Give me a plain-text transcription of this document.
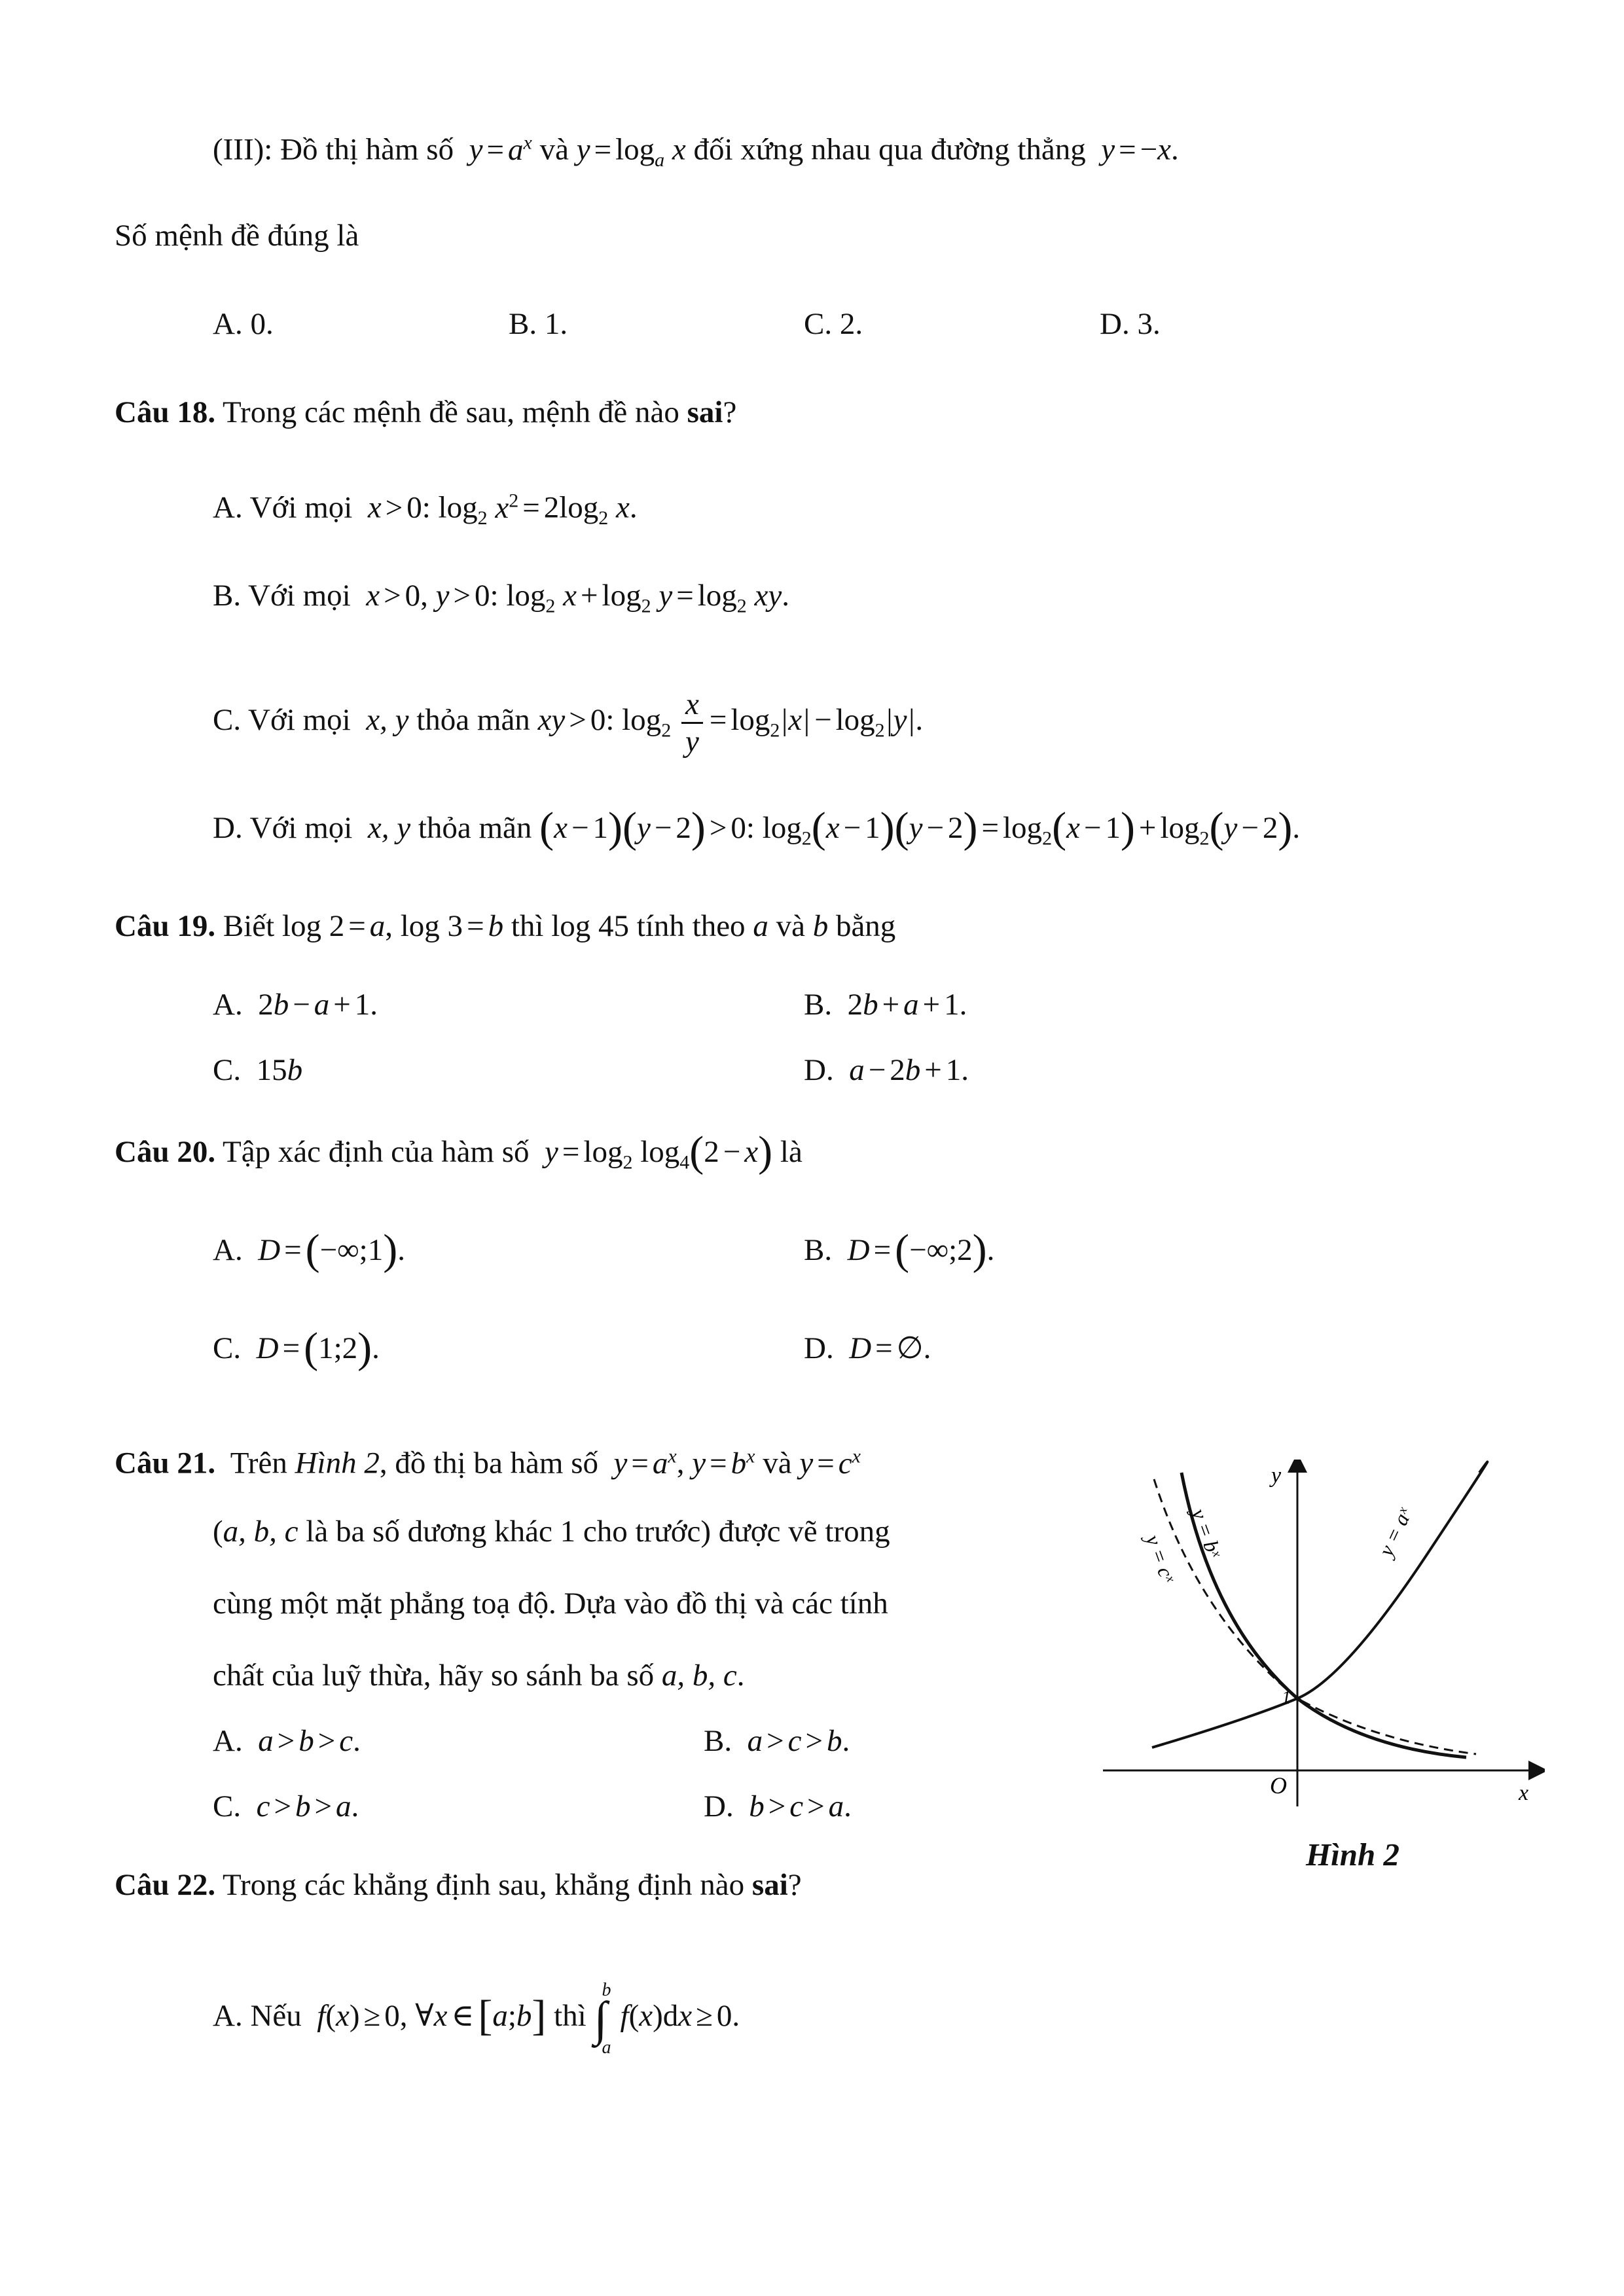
(III): Đồ thị hàm số  $y = a^x$ và $y = \log_a x$ đối xứng nhau qua đường thẳng  y = −x.
Số mệnh đề đúng là
A. 0.	B. 1.	C. 2.	D. 3.
Câu 18. Trong các mệnh đề sau, mệnh đề nào sai?
A. Với mọi  x > 0: $\log_2 x^2 = 2\log_2$ x.
B. Với mọi  x > 0, y > 0: $\log_2 x + \log_2 y = \log_2$ xy.
C. Với mọi  x, y thỏa mãn xy > 0: $\log_2 \frac{x}{y} = \log_2|x| - \log_2|y|$.
D. Với mọi  x, y thỏa mãn (x − 1)(y − 2) > 0: $\log_2(x - 1)(y - 2) = \log_2(x - 1) + \log_2(y - 2)$.
Câu 19. Biết log 2 = a, log 3 = b thì log 45 tính theo a và b bằng
A.  2b − a + 1.	B.  2b + a + 1.
C.  15b	D. a − 2b + 1.
Câu 20. Tập xác định của hàm số  $y = \log_2 \log_4(2 - x)$ là
A. D =(−∞;1).	B. D =(−∞;2).
C. D =(1;2).	D. D = ∅.
Câu 21. Trên Hình 2, đồ thị ba hàm số  $y = a^x$, $y = b^x$ và $y = c^x$
(a, b, c là ba số dương khác 1 cho trước) được vẽ trong
cùng một mặt phẳng toạ độ. Dựa vào đồ thị và các tính
chất của luỹ thừa, hãy so sánh ba số a, b, c.
A. a > b > c.	B. a > c > b.
C. c > b > a.	D. b > c > a.
O	x
y
1
y = aˣ
y = bˣ
y = cˣ
Hình 2
Câu 22. Trong các khẳng định sau, khẳng định nào sai?
A. Nếu  f(x) ≥ 0, ∀x ∈[a;b] thì ∫
b
a
f(x)dx ≥ 0.
